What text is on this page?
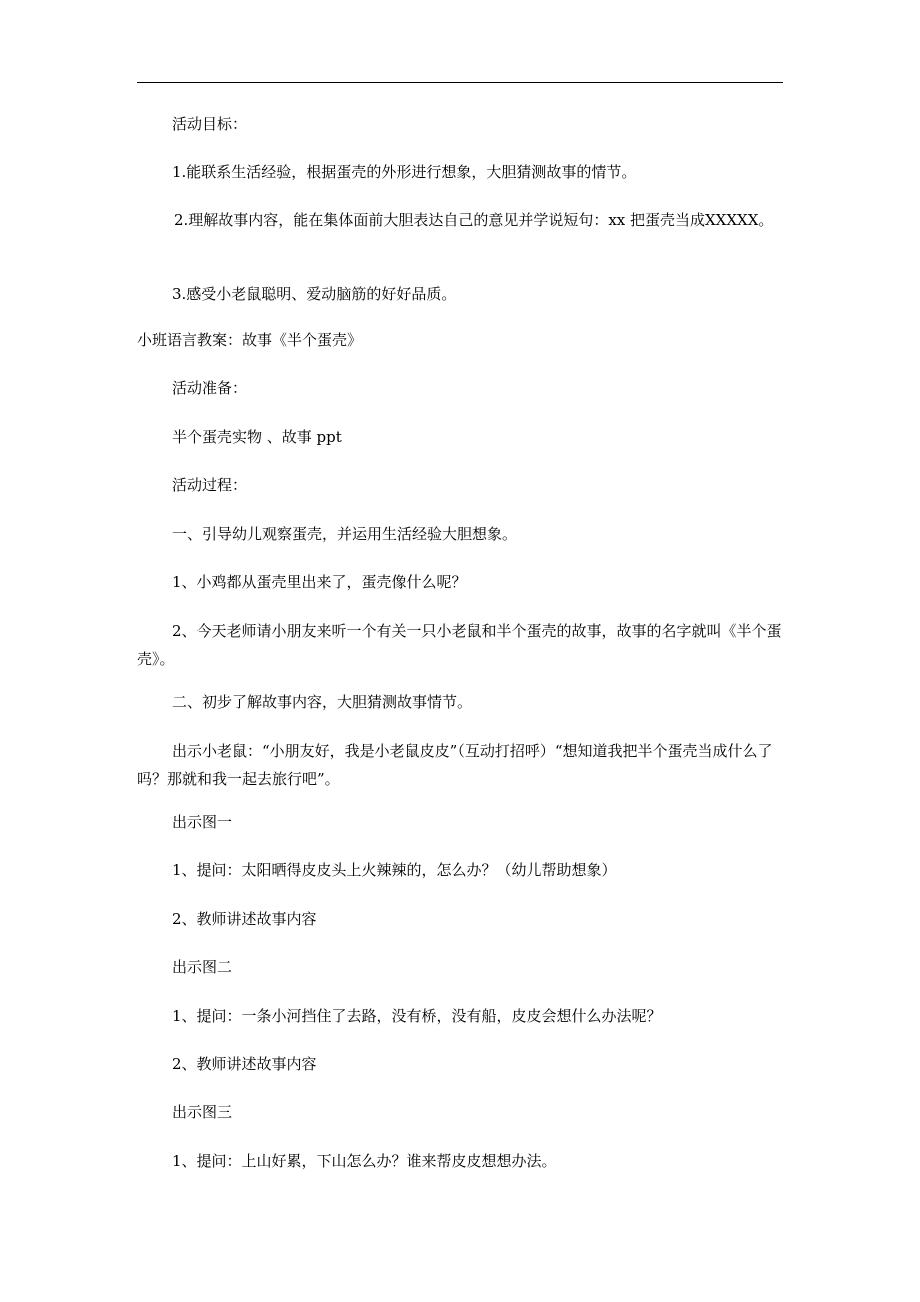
活动目标：
1.能联系生活经验，根据蛋壳的外形进行想象，大胆猜测故事的情节。
2.理解故事内容，能在集体面前大胆表达自己的意见并学说短句：xx 把蛋壳当成XXXXX。
3.感受小老鼠聪明、爱动脑筋的好好品质。
小班语言教案：故事《半个蛋壳》
活动准备：
半个蛋壳实物 、故事 ppt
活动过程：
一、引导幼儿观察蛋壳，并运用生活经验大胆想象。
1、小鸡都从蛋壳里出来了，蛋壳像什么呢？
2、今天老师请小朋友来听一个有关一只小老鼠和半个蛋壳的故事，故事的名字就叫《半个蛋壳》。
二、初步了解故事内容，大胆猜测故事情节。
出示小老鼠：“小朋友好，我是小老鼠皮皮”（互动打招呼）“想知道我把半个蛋壳当成什么了吗？那就和我一起去旅行吧”。
出示图一
1、提问：太阳晒得皮皮头上火辣辣的，怎么办？（幼儿帮助想象）
2、教师讲述故事内容
出示图二
1、提问：一条小河挡住了去路，没有桥，没有船，皮皮会想什么办法呢？
2、教师讲述故事内容
出示图三
1、提问：上山好累，下山怎么办？谁来帮皮皮想想办法。
